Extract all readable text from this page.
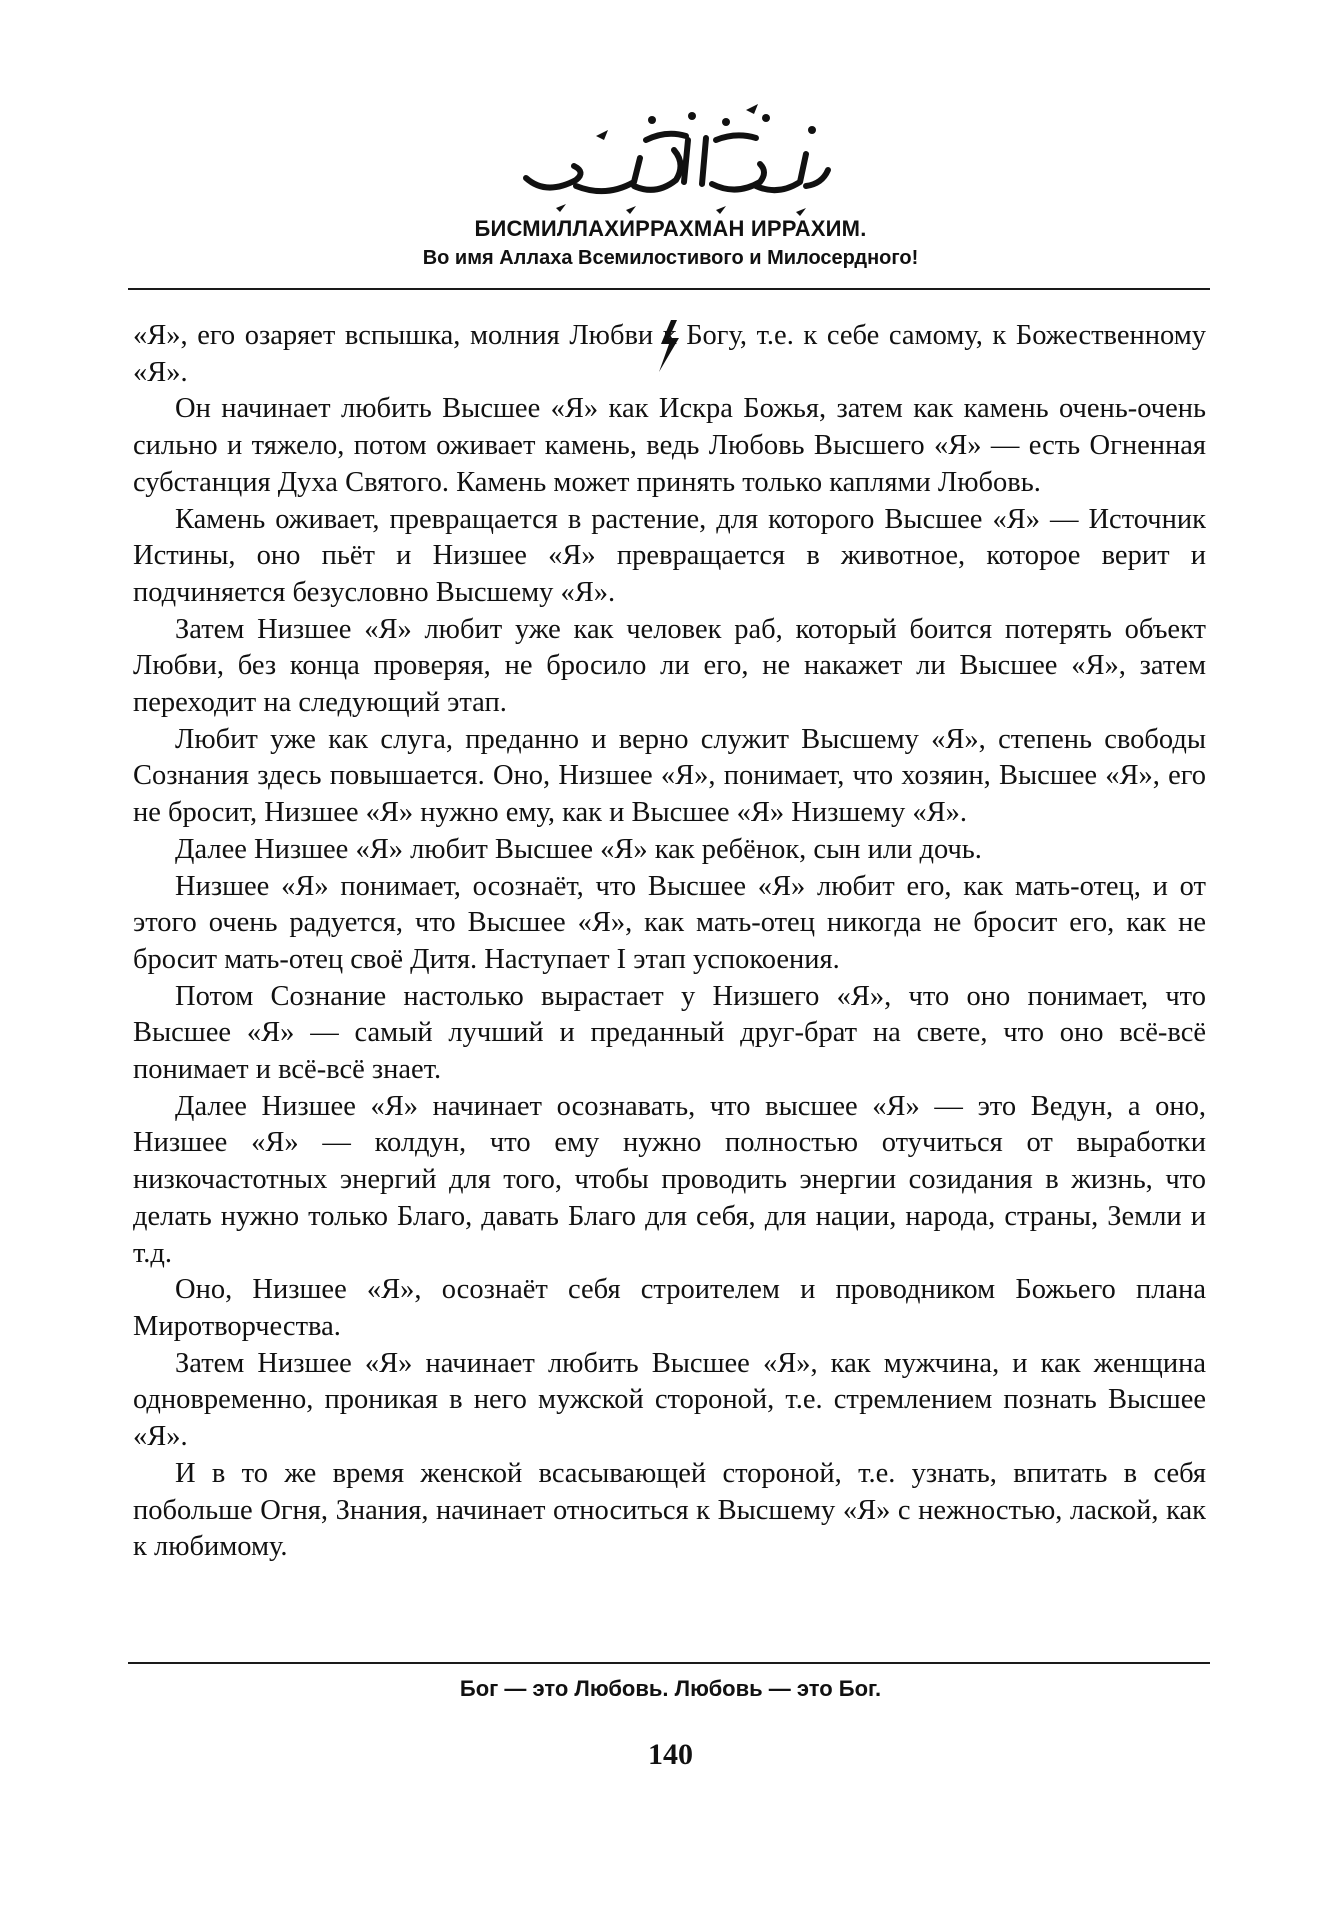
БИСМИЛЛАХИРРАХМАН ИРРАХИМ.
Во имя Аллаха Всемилостивого и Милосердного!

«Я», его озаряет вспышка, молния Любви к Богу, т.е. к себе самому, к Божественному «Я».

Он начинает любить Высшее «Я» как Искра Божья, затем как камень очень-очень сильно и тяжело, потом оживает камень, ведь Любовь Высшего «Я» — есть Огненная субстанция Духа Святого. Камень может принять только каплями Любовь.

Камень оживает, превращается в растение, для которого Высшее «Я» — Источник Истины, оно пьёт и Низшее «Я» превращается в животное, которое верит и подчиняется безусловно Высшему «Я».

Затем Низшее «Я» любит уже как человек раб, который боится потерять объект Любви, без конца проверяя, не бросило ли его, не накажет ли Высшее «Я», затем переходит на следующий этап.

Любит уже как слуга, преданно и верно служит Высшему «Я», степень свободы Сознания здесь повышается. Оно, Низшее «Я», понимает, что хозяин, Высшее «Я», его не бросит, Низшее «Я» нужно ему, как и Высшее «Я» Низшему «Я».

Далее Низшее «Я» любит Высшее «Я» как ребёнок, сын или дочь.

Низшее «Я» понимает, осознаёт, что Высшее «Я» любит его, как мать-отец, и от этого очень радуется, что Высшее «Я», как мать-отец никогда не бросит его, как не бросит мать-отец своё Дитя. Наступает I этап успокоения.

Потом Сознание настолько вырастает у Низшего «Я», что оно понимает, что Высшее «Я» — самый лучший и преданный друг-брат на свете, что оно всё-всё понимает и всё-всё знает.

Далее Низшее «Я» начинает осознавать, что высшее «Я» — это Ведун, а оно, Низшее «Я» — колдун, что ему нужно полностью отучиться от выработки низкочастотных энергий для того, чтобы проводить энергии созидания в жизнь, что делать нужно только Благо, давать Благо для себя, для нации, народа, страны, Земли и т.д.

Оно, Низшее «Я», осознаёт себя строителем и проводником Божьего плана Миротворчества.

Затем Низшее «Я» начинает любить Высшее «Я», как мужчина, и как женщина одновременно, проникая в него мужской стороной, т.е. стремлением познать Высшее «Я».

И в то же время женской всасывающей стороной, т.е. узнать, впитать в себя побольше Огня, Знания, начинает относиться к Высшему «Я» с нежностью, лаской, как к любимому.

Бог — это Любовь. Любовь — это Бог.
140
